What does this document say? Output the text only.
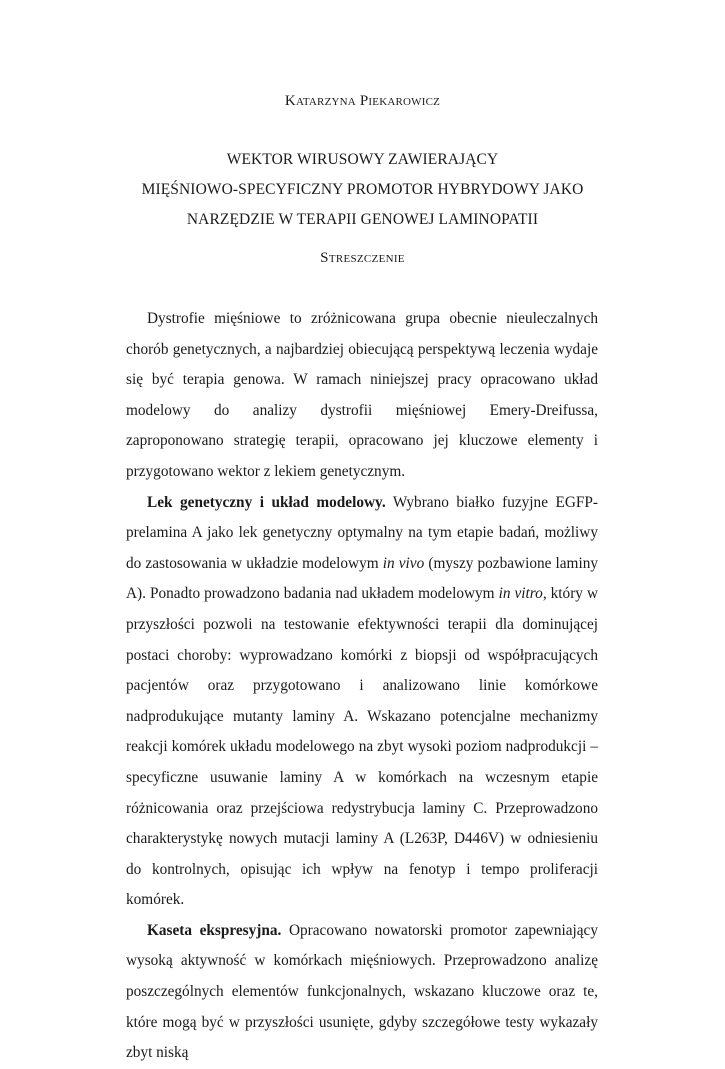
Katarzyna Piekarowicz
WEKTOR WIRUSOWY ZAWIERAJĄCY
MIĘŚNIOWO-SPECYFICZNY PROMOTOR HYBRYDOWY JAKO
NARZĘDZIE W TERAPII GENOWEJ LAMINOPATII
Streszczenie

Dystrofie mięśniowe to zróżnicowana grupa obecnie nieuleczalnych chorób genetycznych, a najbardziej obiecującą perspektywą leczenia wydaje się być terapia genowa. W ramach niniejszej pracy opracowano układ modelowy do analizy dystrofii mięśniowej Emery-Dreifussa, zaproponowano strategię terapii, opracowano jej kluczowe elementy i przygotowano wektor z lekiem genetycznym.

Lek genetyczny i układ modelowy. Wybrano białko fuzyjne EGFP-prelamina A jako lek genetyczny optymalny na tym etapie badań, możliwy do zastosowania w układzie modelowym in vivo (myszy pozbawione laminy A). Ponadto prowadzono badania nad układem modelowym in vitro, który w przyszłości pozwoli na testowanie efektywności terapii dla dominującej postaci choroby: wyprowadzano komórki z biopsji od współpracujących pacjentów oraz przygotowano i analizowano linie komórkowe nadprodukujące mutanty laminy A. Wskazano potencjalne mechanizmy reakcji komórek układu modelowego na zbyt wysoki poziom nadprodukcji – specyficzne usuwanie laminy A w komórkach na wczesnym etapie różnicowania oraz przejściowa redystrybucja laminy C. Przeprowadzono charakterystykę nowych mutacji laminy A (L263P, D446V) w odniesieniu do kontrolnych, opisując ich wpływ na fenotyp i tempo proliferacji komórek.

Kaseta ekspresyjna. Opracowano nowatorski promotor zapewniający wysoką aktywność w komórkach mięśniowych. Przeprowadzono analizę poszczególnych elementów funkcjonalnych, wskazano kluczowe oraz te, które mogą być w przyszłości usunięte, gdyby szczegółowe testy wykazały zbyt niską
